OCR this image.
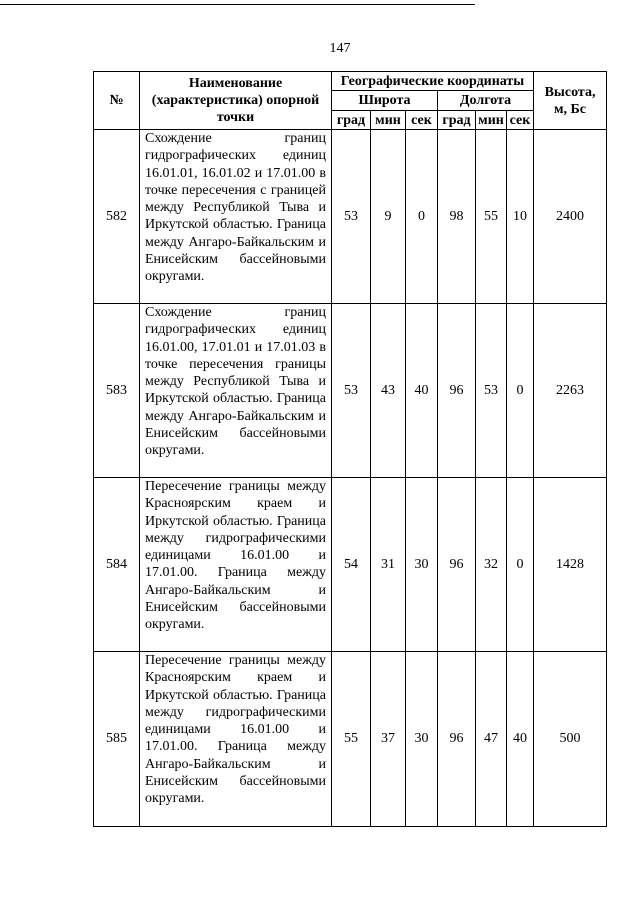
147
№	Наименование (характеристика) опорной точки	Географические координаты						Высота, м, Бс
		Широта			Долгота			
		град	мин	сек	град	мин	сек	
582	Схождение границ гидрографических единиц 16.01.01, 16.01.02 и 17.01.00 в точке пересечения с границей между Республикой Тыва и Иркутской областью. Граница между Ангаро-Байкальским и Енисейским бассейновыми округами.	53	9	0	98	55	10	2400
583	Схождение границ гидрографических единиц 16.01.00, 17.01.01 и 17.01.03 в точке пересечения границы между Республикой Тыва и Иркутской областью. Граница между Ангаро-Байкальским и Енисейским бассейновыми округами.	53	43	40	96	53	0	2263
584	Пересечение границы между Красноярским краем и Иркутской областью. Граница между гидрографическими единицами 16.01.00 и 17.01.00. Граница между Ангаро-Байкальским и Енисейским бассейновыми округами.	54	31	30	96	32	0	1428
585	Пересечение границы между Красноярским краем и Иркутской областью. Граница между гидрографическими единицами 16.01.00 и 17.01.00. Граница между Ангаро-Байкальским и Енисейским бассейновыми округами.	55	37	30	96	47	40	500
